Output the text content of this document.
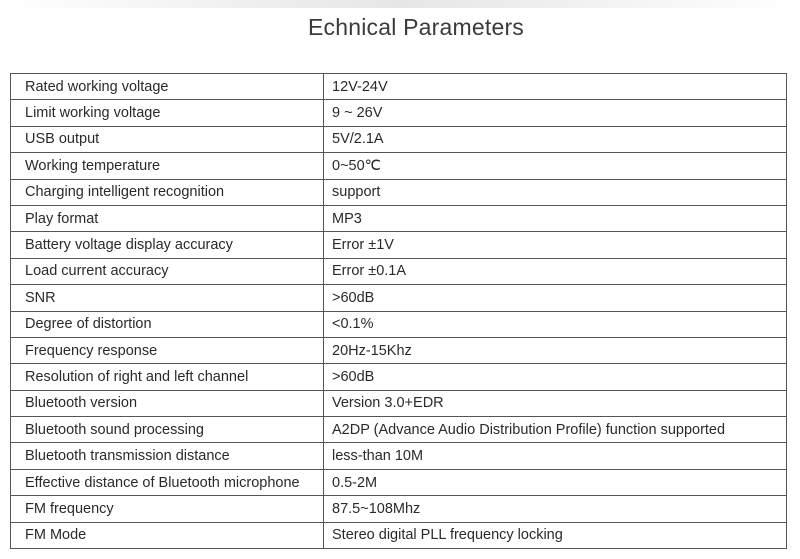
Echnical Parameters
Rated working voltage	12V-24V
Limit working voltage	9 ~ 26V
USB output	5V/2.1A
Working temperature	0~50℃
Charging intelligent recognition	support
Play format	MP3
Battery voltage display accuracy	Error ±1V
Load current accuracy	Error ±0.1A
SNR	>60dB
Degree of distortion	<0.1%
Frequency response	20Hz-15Khz
Resolution of right and left channel	>60dB
Bluetooth version	Version 3.0+EDR
Bluetooth sound processing	A2DP (Advance Audio Distribution Profile) function supported
Bluetooth transmission distance	less-than 10M
Effective distance of Bluetooth microphone	0.5-2M
FM frequency	87.5~108Mhz
FM Mode	Stereo digital PLL frequency locking
